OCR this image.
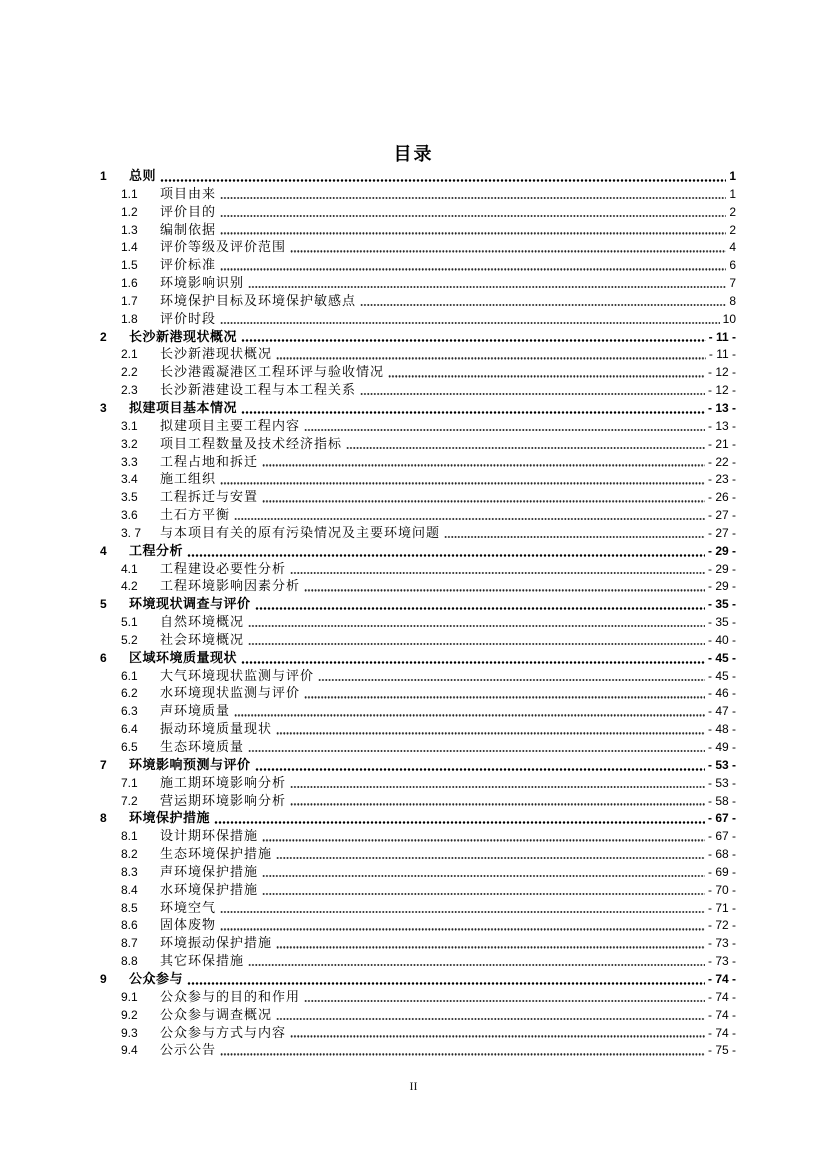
目录
1	总则	1
1.1	项目由来	1
1.2	评价目的	2
1.3	编制依据	2
1.4	评价等级及评价范围	4
1.5	评价标准	6
1.6	环境影响识别	7
1.7	环境保护目标及环境保护敏感点	8
1.8	评价时段	10
2	长沙新港现状概况	- 11 -
2.1	长沙新港现状概况	- 11 -
2.2	长沙港霞凝港区工程环评与验收情况	- 12 -
2.3	长沙新港建设工程与本工程关系	- 12 -
3	拟建项目基本情况	- 13 -
3.1	拟建项目主要工程内容	- 13 -
3.2	项目工程数量及技术经济指标	- 21 -
3.3	工程占地和拆迁	- 22 -
3.4	施工组织	- 23 -
3.5	工程拆迁与安置	- 26 -
3.6	土石方平衡	- 27 -
3. 7	与本项目有关的原有污染情况及主要环境问题	- 27 -
4	工程分析	- 29 -
4.1	工程建设必要性分析	- 29 -
4.2	工程环境影响因素分析	- 29 -
5	环境现状调查与评价	- 35 -
5.1	自然环境概况	- 35 -
5.2	社会环境概况	- 40 -
6	区域环境质量现状	- 45 -
6.1	大气环境现状监测与评价	- 45 -
6.2	水环境现状监测与评价	- 46 -
6.3	声环境质量	- 47 -
6.4	振动环境质量现状	- 48 -
6.5	生态环境质量	- 49 -
7	环境影响预测与评价	- 53 -
7.1	施工期环境影响分析	- 53 -
7.2	营运期环境影响分析	- 58 -
8	环境保护措施	- 67 -
8.1	设计期环保措施	- 67 -
8.2	生态环境保护措施	- 68 -
8.3	声环境保护措施	- 69 -
8.4	水环境保护措施	- 70 -
8.5	环境空气	- 71 -
8.6	固体废物	- 72 -
8.7	环境振动保护措施	- 73 -
8.8	其它环保措施	- 73 -
9	公众参与	- 74 -
9.1	公众参与的目的和作用	- 74 -
9.2	公众参与调查概况	- 74 -
9.3	公众参与方式与内容	- 74 -
9.4	公示公告	- 75 -
II
